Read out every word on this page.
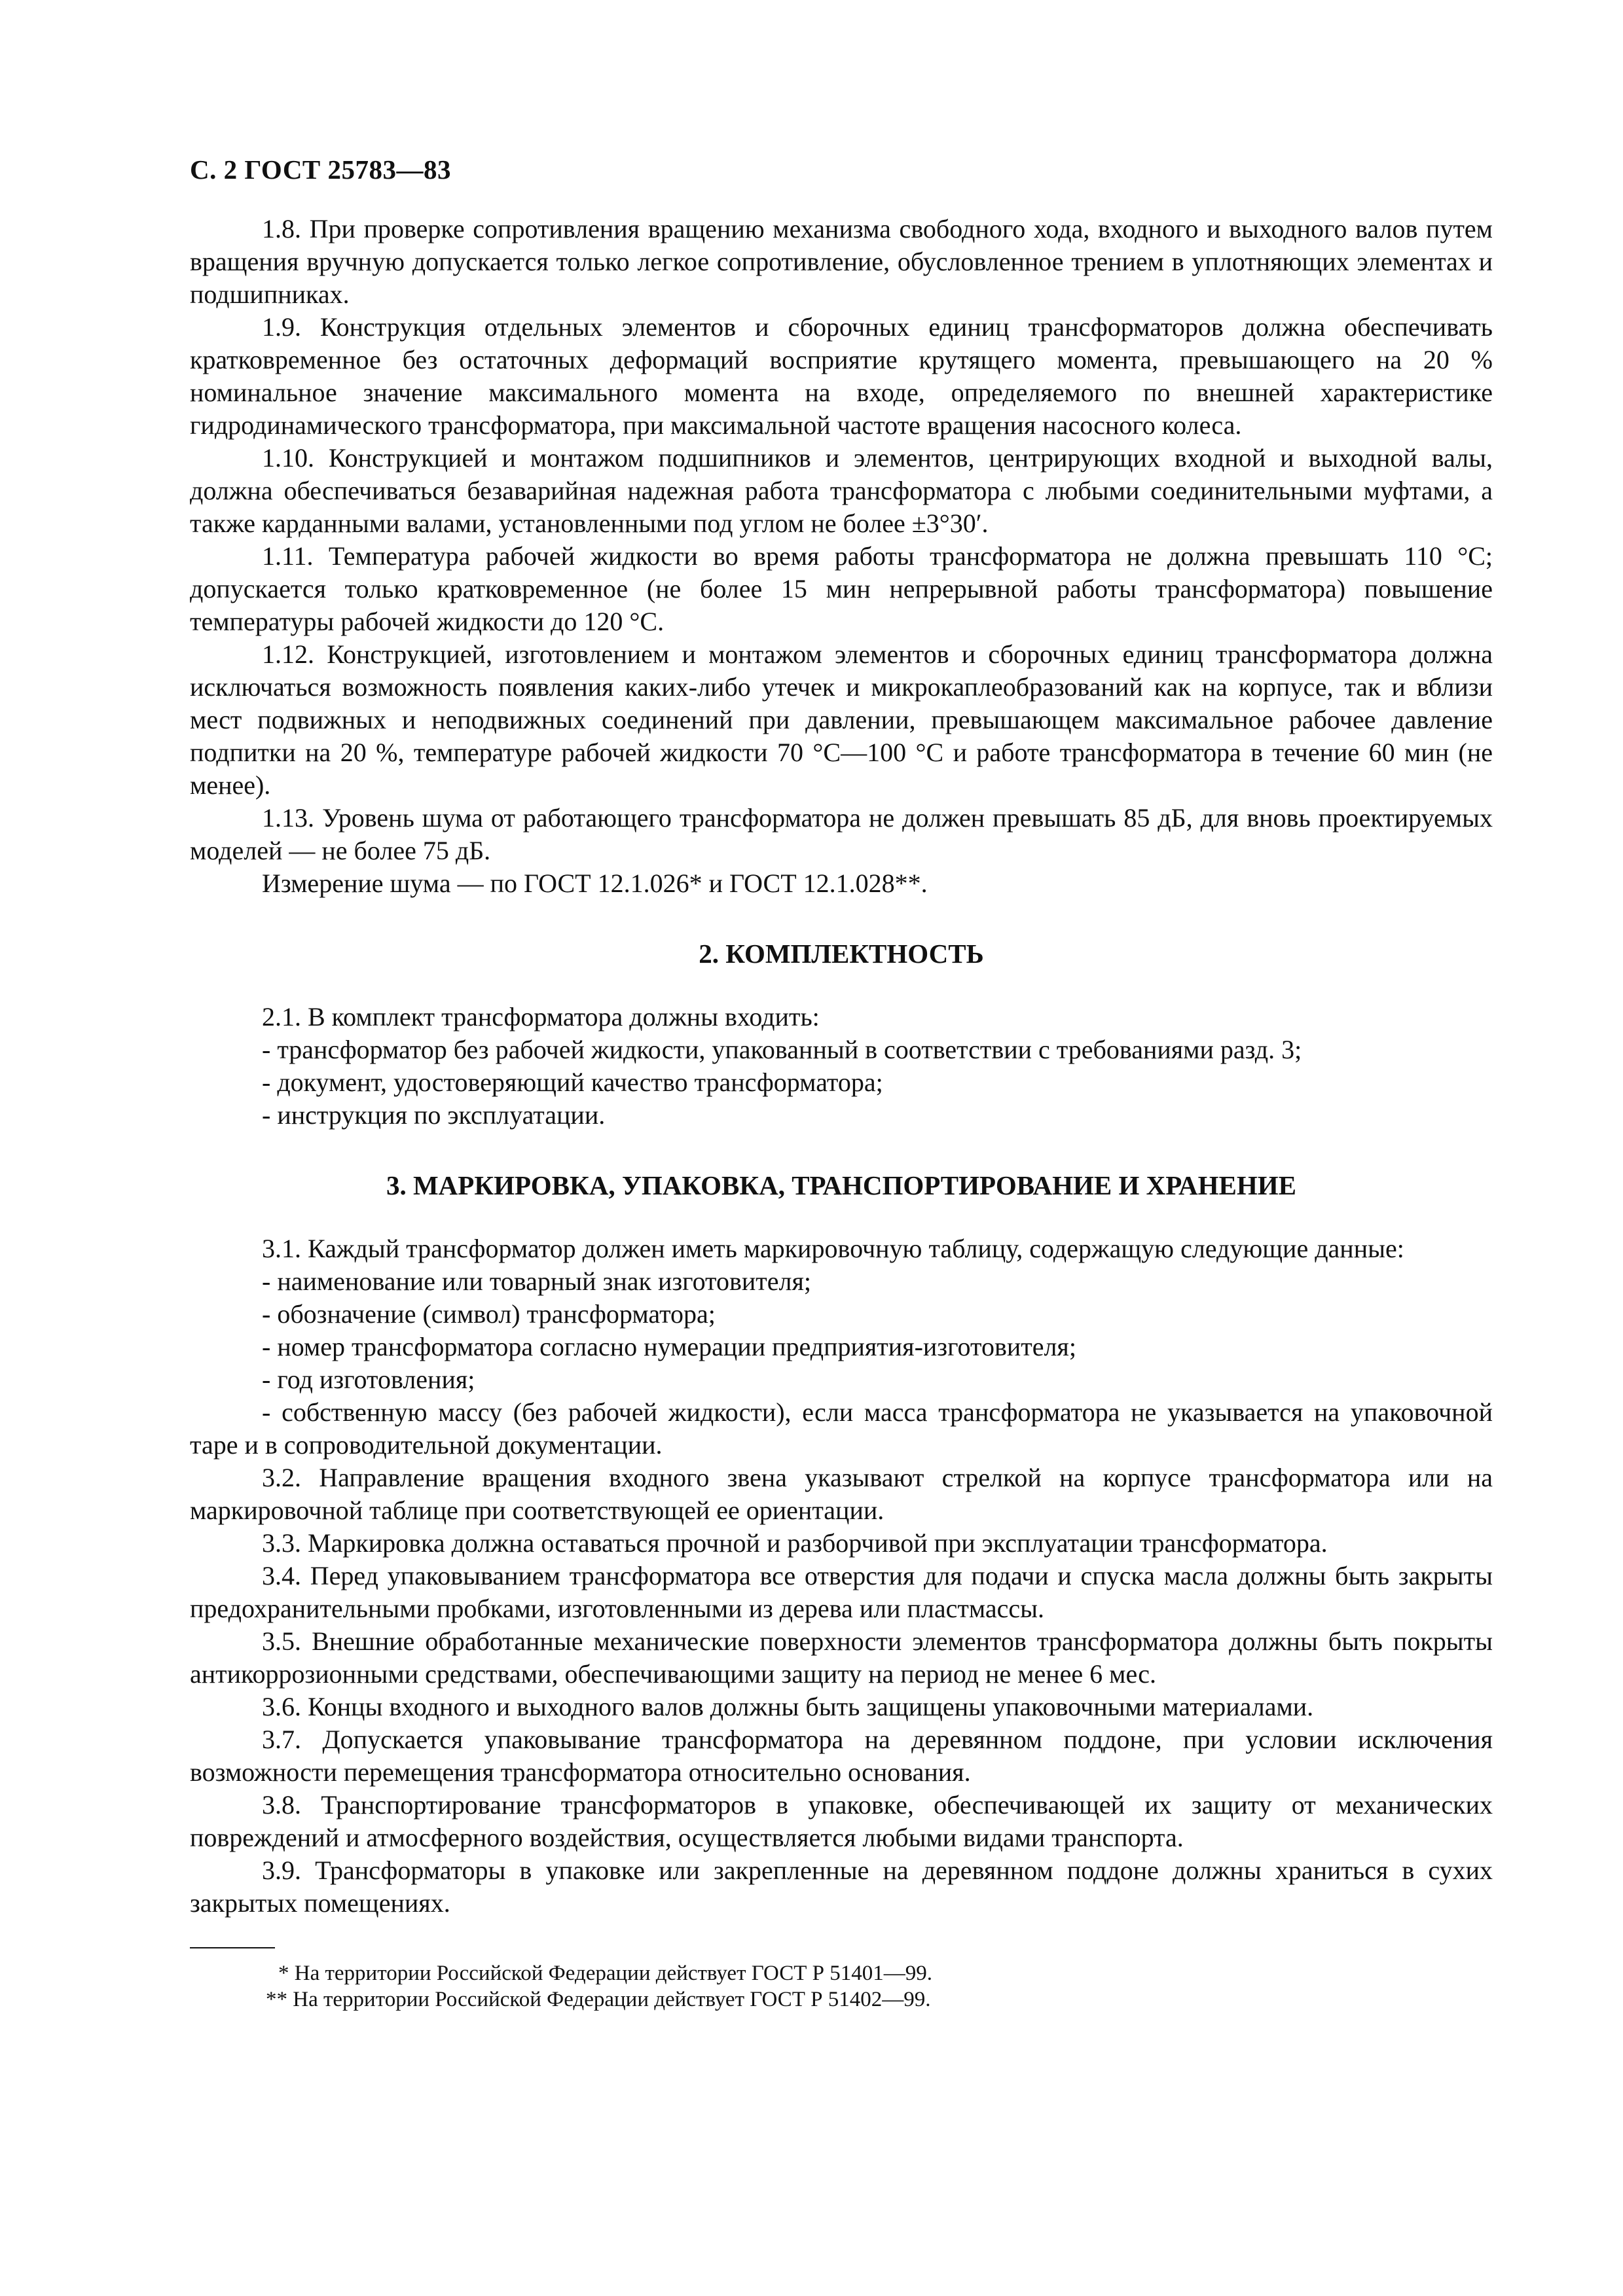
С. 2 ГОСТ 25783—83

1.8. При проверке сопротивления вращению механизма свободного хода, входного и выходного валов путем вращения вручную допускается только легкое сопротивление, обусловленное трением в уплотняющих элементах и подшипниках.

1.9. Конструкция отдельных элементов и сборочных единиц трансформаторов должна обеспечивать кратковременное без остаточных деформаций восприятие крутящего момента, превышающего на 20 % номинальное значение максимального момента на входе, определяемого по внешней характеристике гидродинамического трансформатора, при максимальной частоте вращения насосного колеса.

1.10. Конструкцией и монтажом подшипников и элементов, центрирующих входной и выходной валы, должна обеспечиваться безаварийная надежная работа трансформатора с любыми соединительными муфтами, а также карданными валами, установленными под углом не более ±3°30′.

1.11. Температура рабочей жидкости во время работы трансформатора не должна превышать 110 °С; допускается только кратковременное (не более 15 мин непрерывной работы трансформатора) повышение температуры рабочей жидкости до 120 °С.

1.12. Конструкцией, изготовлением и монтажом элементов и сборочных единиц трансформатора должна исключаться возможность появления каких-либо утечек и микрокаплеобразований как на корпусе, так и вблизи мест подвижных и неподвижных соединений при давлении, превышающем максимальное рабочее давление подпитки на 20 %, температуре рабочей жидкости 70 °С—100 °С и работе трансформатора в течение 60 мин (не менее).

1.13. Уровень шума от работающего трансформатора не должен превышать 85 дБ, для вновь проектируемых моделей — не более 75 дБ.

Измерение шума — по ГОСТ 12.1.026* и ГОСТ 12.1.028**.

2. КОМПЛЕКТНОСТЬ

2.1. В комплект трансформатора должны входить:

- трансформатор без рабочей жидкости, упакованный в соответствии с требованиями разд. 3;

- документ, удостоверяющий качество трансформатора;

- инструкция по эксплуатации.

3. МАРКИРОВКА, УПАКОВКА, ТРАНСПОРТИРОВАНИЕ И ХРАНЕНИЕ

3.1. Каждый трансформатор должен иметь маркировочную таблицу, содержащую следующие данные:

- наименование или товарный знак изготовителя;

- обозначение (символ) трансформатора;

- номер трансформатора согласно нумерации предприятия-изготовителя;

- год изготовления;

- собственную массу (без рабочей жидкости), если масса трансформатора не указывается на упаковочной таре и в сопроводительной документации.

3.2. Направление вращения входного звена указывают стрелкой на корпусе трансформатора или на маркировочной таблице при соответствующей ее ориентации.

3.3. Маркировка должна оставаться прочной и разборчивой при эксплуатации трансформатора.

3.4. Перед упаковыванием трансформатора все отверстия для подачи и спуска масла должны быть закрыты предохранительными пробками, изготовленными из дерева или пластмассы.

3.5. Внешние обработанные механические поверхности элементов трансформатора должны быть покрыты антикоррозионными средствами, обеспечивающими защиту на период не менее 6 мес.

3.6. Концы входного и выходного валов должны быть защищены упаковочными материалами.

3.7. Допускается упаковывание трансформатора на деревянном поддоне, при условии исключения возможности перемещения трансформатора относительно основания.

3.8. Транспортирование трансформаторов в упаковке, обеспечивающей их защиту от механических повреждений и атмосферного воздействия, осуществляется любыми видами транспорта.

3.9. Трансформаторы в упаковке или закрепленные на деревянном поддоне должны храниться в сухих закрытых помещениях.

* На территории Российской Федерации действует ГОСТ Р 51401—99.

** На территории Российской Федерации действует ГОСТ Р 51402—99.
